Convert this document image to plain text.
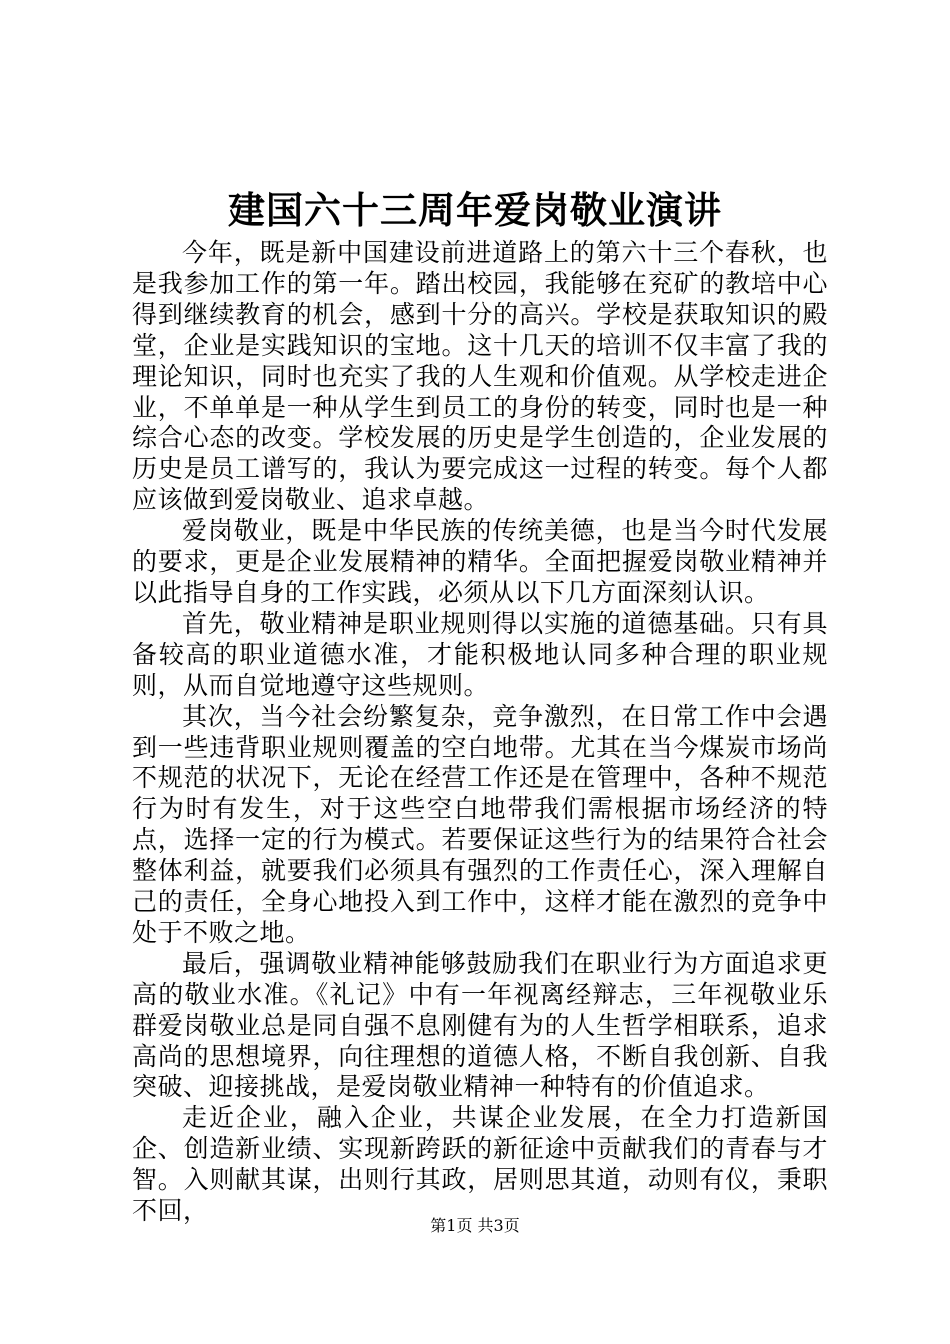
建国六十三周年爱岗敬业演讲

今年，既是新中国建设前进道路上的第六十三个春秋，也是我参加工作的第一年。踏出校园，我能够在兖矿的教培中心得到继续教育的机会，感到十分的高兴。学校是获取知识的殿堂，企业是实践知识的宝地。这十几天的培训不仅丰富了我的理论知识，同时也充实了我的人生观和价值观。从学校走进企业，不单单是一种从学生到员工的身份的转变，同时也是一种综合心态的改变。学校发展的历史是学生创造的，企业发展的历史是员工谱写的，我认为要完成这一过程的转变。每个人都应该做到爱岗敬业、追求卓越。

爱岗敬业，既是中华民族的传统美德，也是当今时代发展的要求，更是企业发展精神的精华。全面把握爱岗敬业精神并以此指导自身的工作实践，必须从以下几方面深刻认识。

首先，敬业精神是职业规则得以实施的道德基础。只有具备较高的职业道德水准，才能积极地认同多种合理的职业规则，从而自觉地遵守这些规则。

其次，当今社会纷繁复杂，竞争激烈，在日常工作中会遇到一些违背职业规则覆盖的空白地带。尤其在当今煤炭市场尚不规范的状况下，无论在经营工作还是在管理中，各种不规范行为时有发生，对于这些空白地带我们需根据市场经济的特点，选择一定的行为模式。若要保证这些行为的结果符合社会整体利益，就要我们必须具有强烈的工作责任心，深入理解自己的责任，全身心地投入到工作中，这样才能在激烈的竞争中处于不败之地。

最后，强调敬业精神能够鼓励我们在职业行为方面追求更高的敬业水准。《礼记》中有一年视离经辩志，三年视敬业乐群爱岗敬业总是同自强不息刚健有为的人生哲学相联系，追求高尚的思想境界，向往理想的道德人格，不断自我创新、自我突破、迎接挑战，是爱岗敬业精神一种特有的价值追求。

走近企业，融入企业，共谋企业发展，在全力打造新国企、创造新业绩、实现新跨跃的新征途中贡献我们的青春与才智。入则献其谋，出则行其政，居则思其道，动则有仪，秉职不回，

第1页 共3页
